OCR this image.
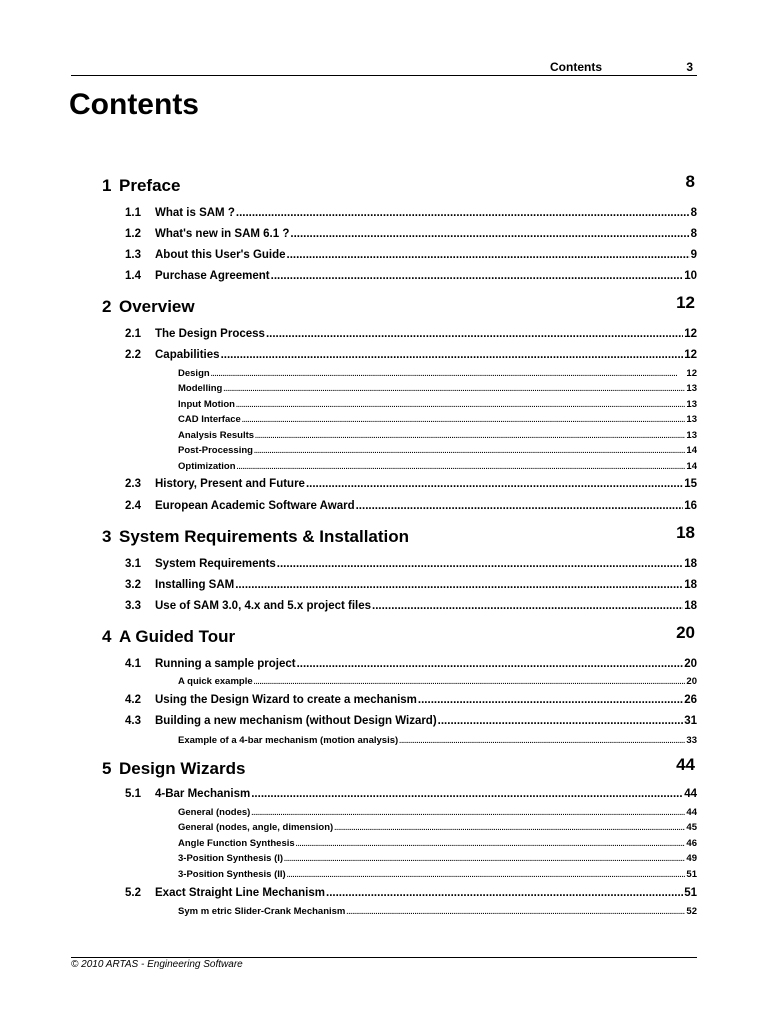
Contents	3
Contents
1 Preface	8
1.1	What is SAM ? .....	8
1.2	What's new in SAM 6.1 ? .....	8
1.3	About this User's Guide .....	9
1.4	Purchase Agreement .....	10
2 Overview	12
2.1	The Design Process .....	12
2.2	Capabilities .....	12
Design .....	12
Modelling .....	13
Input Motion .....	13
CAD Interface .....	13
Analysis Results .....	13
Post-Processing .....	14
Optimization .....	14
2.3	History, Present and Future .....	15
2.4	European Academic Software Award .....	16
3 System Requirements & Installation	18
3.1	System Requirements .....	18
3.2	Installing SAM .....	18
3.3	Use of SAM 3.0, 4.x and 5.x project files .....	18
4 A Guided Tour	20
4.1	Running a sample project .....	20
A quick example .....	20
4.2	Using the Design Wizard to create a mechanism .....	26
4.3	Building a new mechanism (without Design Wizard) .....	31
Example of a 4-bar mechanism (motion analysis) .....	33
5 Design Wizards	44
5.1	4-Bar Mechanism .....	44
General (nodes) .....	44
General (nodes, angle, dimension) .....	45
Angle Function Synthesis .....	46
3-Position Synthesis (I) .....	49
3-Position Synthesis (II) .....	51
5.2	Exact Straight Line Mechanism .....	51
Sym m etric Slider-Crank Mechanism .....	52
© 2010 ARTAS - Engineering Software
